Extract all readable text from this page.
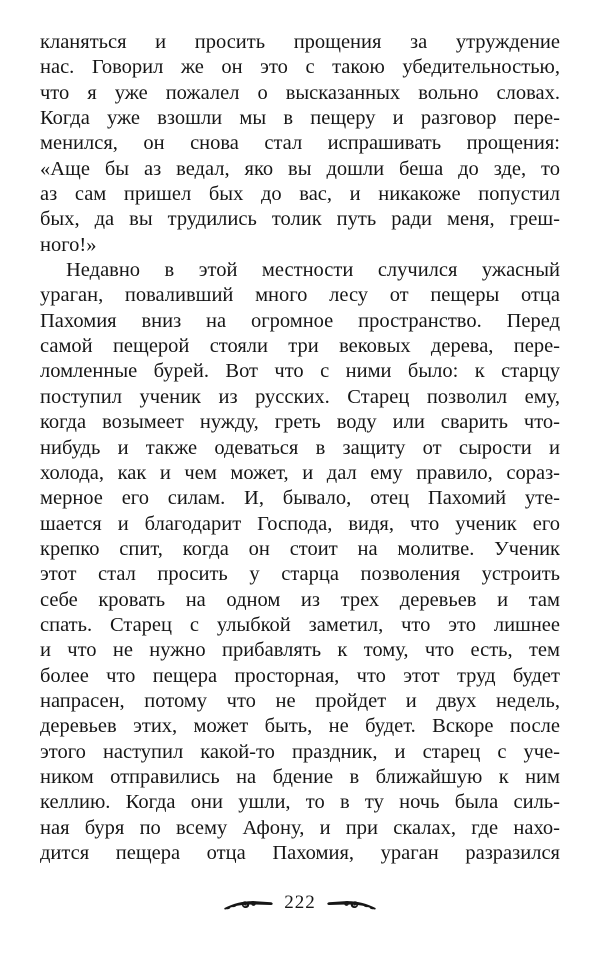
кланяться и просить прощения за утруждение
нас. Говорил же он это с такою убедительностью,
что я уже пожалел о высказанных вольно словах.
Когда уже взошли мы в пещеру и разговор пере-
менился, он снова стал испрашивать прощения:
«Аще бы аз ведал, яко вы дошли беша до зде, то
аз сам пришел бых до вас, и никакоже попустил
бых, да вы трудились толик путь ради меня, греш-
ного!»
Недавно в этой местности случился ужасный
ураган, поваливший много лесу от пещеры отца
Пахомия вниз на огромное пространство. Перед
самой пещерой стояли три вековых дерева, пере-
ломленные бурей. Вот что с ними было: к старцу
поступил ученик из русских. Старец позволил ему,
когда возымеет нужду, греть воду или сварить что-
нибудь и также одеваться в защиту от сырости и
холода, как и чем может, и дал ему правило, сораз-
мерное его силам. И, бывало, отец Пахомий уте-
шается и благодарит Господа, видя, что ученик его
крепко спит, когда он стоит на молитве. Ученик
этот стал просить у старца позволения устроить
себе кровать на одном из трех деревьев и там
спать. Старец с улыбкой заметил, что это лишнее
и что не нужно прибавлять к тому, что есть, тем
более что пещера просторная, что этот труд будет
напрасен, потому что не пройдет и двух недель,
деревьев этих, может быть, не будет. Вскоре после
этого наступил какой-то праздник, и старец с уче-
ником отправились на бдение в ближайшую к ним
келлию. Когда они ушли, то в ту ночь была силь-
ная буря по всему Афону, и при скалах, где нахо-
дится пещера отца Пахомия, ураган разразился
222
